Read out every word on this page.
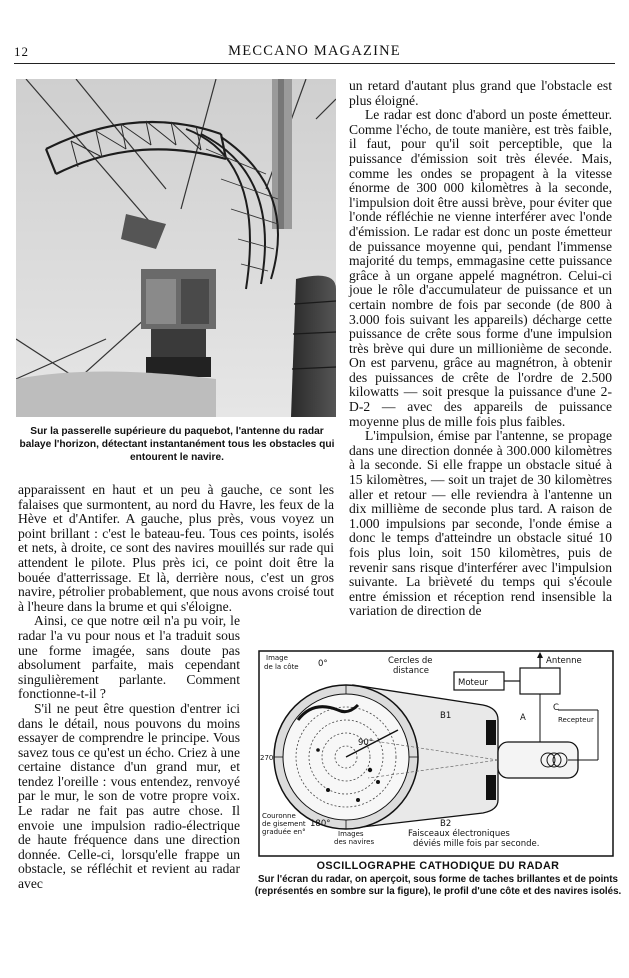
12	MECCANO MAGAZINE
Sur la passerelle supérieure du paquebot, l'antenne du radar balaye l'horizon, détectant instantanément tous les obstacles qui entourent le navire.

un retard d'autant plus grand que l'obstacle est plus éloigné.

Le radar est donc d'abord un poste émetteur. Comme l'écho, de toute manière, est très faible, il faut, pour qu'il soit perceptible, que la puissance d'émission soit très élevée. Mais, comme les ondes se propagent à la vitesse énorme de 300 000 kilomètres à la seconde, l'impulsion doit être aussi brève, pour éviter que l'onde réfléchie ne vienne interférer avec l'onde d'émission. Le radar est donc un poste émetteur de puissance moyenne qui, pendant l'immense majorité du temps, emmagasine cette puissance grâce à un organe appelé magnétron. Celui-ci joue le rôle d'accumulateur de puissance et un certain nombre de fois par seconde (de 800 à 3.000 fois suivant les appareils) décharge cette puissance de crête sous forme d'une impulsion très brève qui dure un millionième de seconde. On est parvenu, grâce au magnétron, à obtenir des puissances de crête de l'ordre de 2.500 kilowatts — soit presque la puissance d'une 2-D-2 — avec des appareils de puissance moyenne plus de mille fois plus faibles.

L'impulsion, émise par l'antenne, se propage dans une direction donnée à 300.000 kilomètres à la seconde. Si elle frappe un obstacle situé à 15 kilomètres, — soit un trajet de 30 kilomètres aller et retour — elle reviendra à l'antenne un dix millième de seconde plus tard. A raison de 1.000 impulsions par seconde, l'onde émise a donc le temps d'atteindre un obstacle situé 10 fois plus loin, soit 150 kilomètres, puis de revenir sans risque d'interférer avec l'impulsion suivante. La brièveté du temps qui s'écoule entre émission et réception rend insensible la variation de direction de

apparaissent en haut et un peu à gauche, ce sont les falaises que surmontent, au nord du Havre, les feux de la Hève et d'Antifer. A gauche, plus près, vous voyez un point brillant : c'est le bateau-feu. Tous ces points, isolés et nets, à droite, ce sont des navires mouillés sur rade qui attendent le pilote. Plus près ici, ce point doit être la bouée d'atterrissage. Et là, derrière nous, c'est un gros navire, pétrolier probablement, que nous avons croisé tout à l'heure dans la brume et qui s'éloigne.

Ainsi, ce que notre œil n'a pu voir, le radar l'a vu pour nous et l'a traduit sous une forme imagée, sans doute pas absolument parfaite, mais cependant singulièrement parlante. Comment fonctionne-t-il ?

S'il ne peut être question d'entrer ici dans le détail, nous pouvons du moins essayer de comprendre le principe. Vous savez tous ce qu'est un écho. Criez à une certaine distance d'un grand mur, et tendez l'oreille : vous entendez, renvoyé par le mur, le son de votre propre voix. Le radar ne fait pas autre chose. Il envoie une impulsion radio-électrique de haute fréquence dans une direction donnée. Celle-ci, lorsqu'elle frappe un obstacle, se réfléchit et revient au radar avec

Image
de la côte 0°	Cercles de
distance
Antenne
Moteur
B1
B2
A
C
Recepteur
270
90°
180°
Couronne
de gisement
graduée en°	Images
des navires
Faisceaux électroniques
déviés mille fois par seconde.
OSCILLOGRAPHE CATHODIQUE DU RADAR
Sur l'écran du radar, on aperçoit, sous forme de taches brillantes et de points (représentés en sombre sur la figure), le profil d'une côte et des navires isolés.
